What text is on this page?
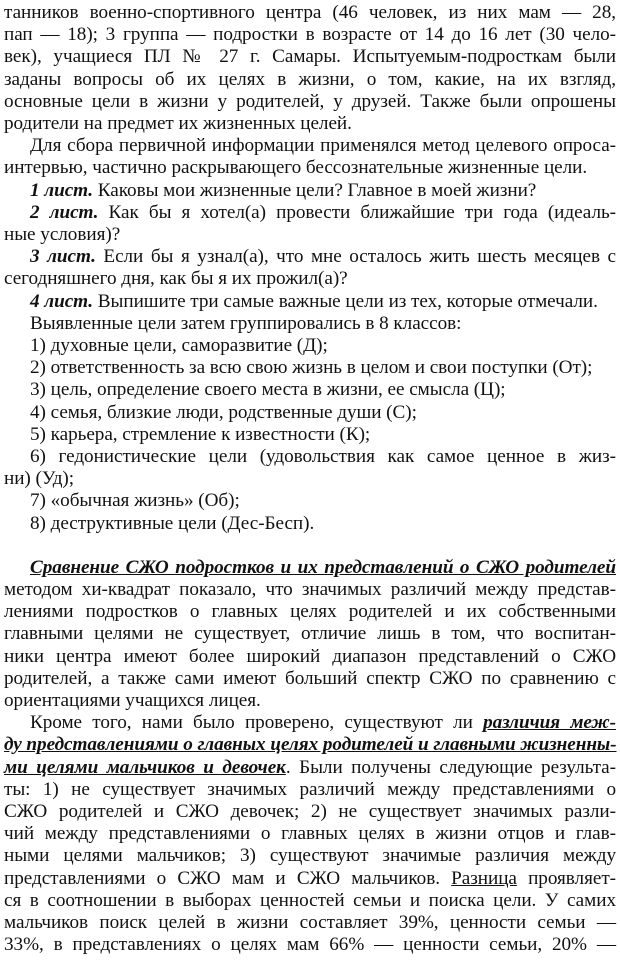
танников военно-спортивного центра (46 человек, из них мам — 28,
пап — 18); 3 группа — подростки в возрасте от 14 до 16 лет (30 чело-
век), учащиеся ПЛ № 27 г. Самары. Испытуемым-подросткам были
заданы вопросы об их целях в жизни, о том, какие, на их взгляд,
основные цели в жизни у родителей, у друзей. Также были опрошены
родители на предмет их жизненных целей.
Для сбора первичной информации применялся метод целевого опроса-
интервью, частично раскрывающего бессознательные жизненные цели.
1 лист. Каковы мои жизненные цели? Главное в моей жизни?
2 лист. Как бы я хотел(а) провести ближайшие три года (идеаль-
ные условия)?
3 лист. Если бы я узнал(а), что мне осталось жить шесть месяцев с
сегодняшнего дня, как бы я их прожил(а)?
4 лист. Выпишите три самые важные цели из тех, которые отмечали.
Выявленные цели затем группировались в 8 классов:
1) духовные цели, саморазвитие (Д);
2) ответственность за всю свою жизнь в целом и свои поступки (От);
3) цель, определение своего места в жизни, ее смысла (Ц);
4) семья, близкие люди, родственные души (С);
5) карьера, стремление к известности (К);
6) гедонистические цели (удовольствия как самое ценное в жиз-
ни) (Уд);
7) «обычная жизнь» (Об);
8) деструктивные цели (Дес-Бесп).
Сравнение СЖО подростков и их представлений о СЖО родителей
методом хи-квадрат показало, что значимых различий между представ-
лениями подростков о главных целях родителей и их собственными
главными целями не существует, отличие лишь в том, что воспитан-
ники центра имеют более широкий диапазон представлений о СЖО
родителей, а также сами имеют больший спектр СЖО по сравнению с
ориентациями учащихся лицея.
Кроме того, нами было проверено, существуют ли различия меж-
ду представлениями о главных целях родителей и главными жизненны-
ми целями мальчиков и девочек. Были получены следующие результа-
ты: 1) не существует значимых различий между представлениями о
СЖО родителей и СЖО девочек; 2) не существует значимых разли-
чий между представлениями о главных целях в жизни отцов и глав-
ными целями мальчиков; 3) существуют значимые различия между
представлениями о СЖО мам и СЖО мальчиков. Разница проявляет-
ся в соотношении в выборах ценностей семьи и поиска цели. У самих
мальчиков поиск целей в жизни составляет 39%, ценности семьи —
33%, в представлениях о целях мам 66% — ценности семьи, 20% —
